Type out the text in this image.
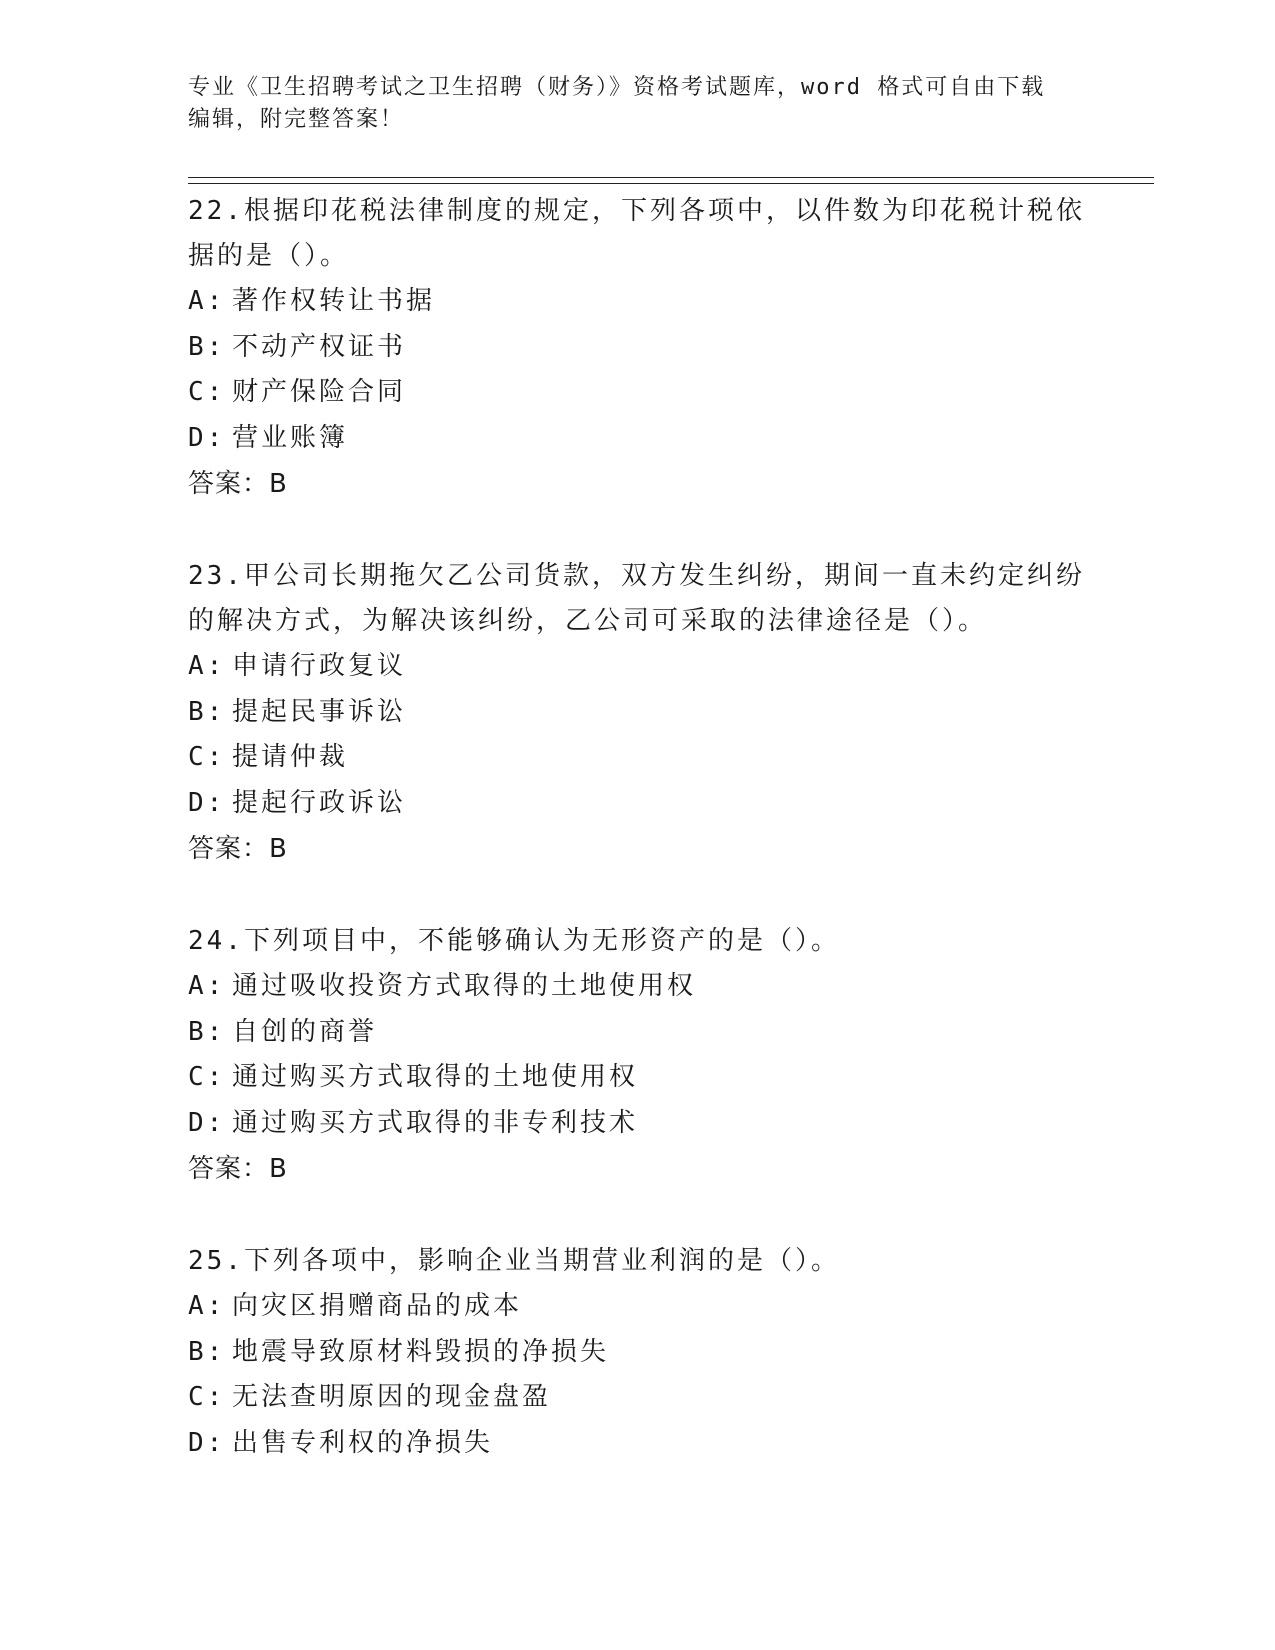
专业《卫生招聘考试之卫生招聘（财务）》资格考试题库，word 格式可自由下载

编辑，附完整答案！

22.根据印花税法律制度的规定，下列各项中，以件数为印花税计税依

据的是（）。

A: 著作权转让书据

B: 不动产权证书

C: 财产保险合同

D: 营业账簿

答案：B

23.甲公司长期拖欠乙公司货款，双方发生纠纷，期间一直未约定纠纷

的解决方式，为解决该纠纷，乙公司可采取的法律途径是（）。

A: 申请行政复议

B: 提起民事诉讼

C: 提请仲裁

D: 提起行政诉讼

答案：B

24.下列项目中，不能够确认为无形资产的是（）。

A: 通过吸收投资方式取得的土地使用权

B: 自创的商誉

C: 通过购买方式取得的土地使用权

D: 通过购买方式取得的非专利技术

答案：B

25.下列各项中，影响企业当期营业利润的是（）。

A: 向灾区捐赠商品的成本

B: 地震导致原材料毁损的净损失

C: 无法查明原因的现金盘盈

D: 出售专利权的净损失
